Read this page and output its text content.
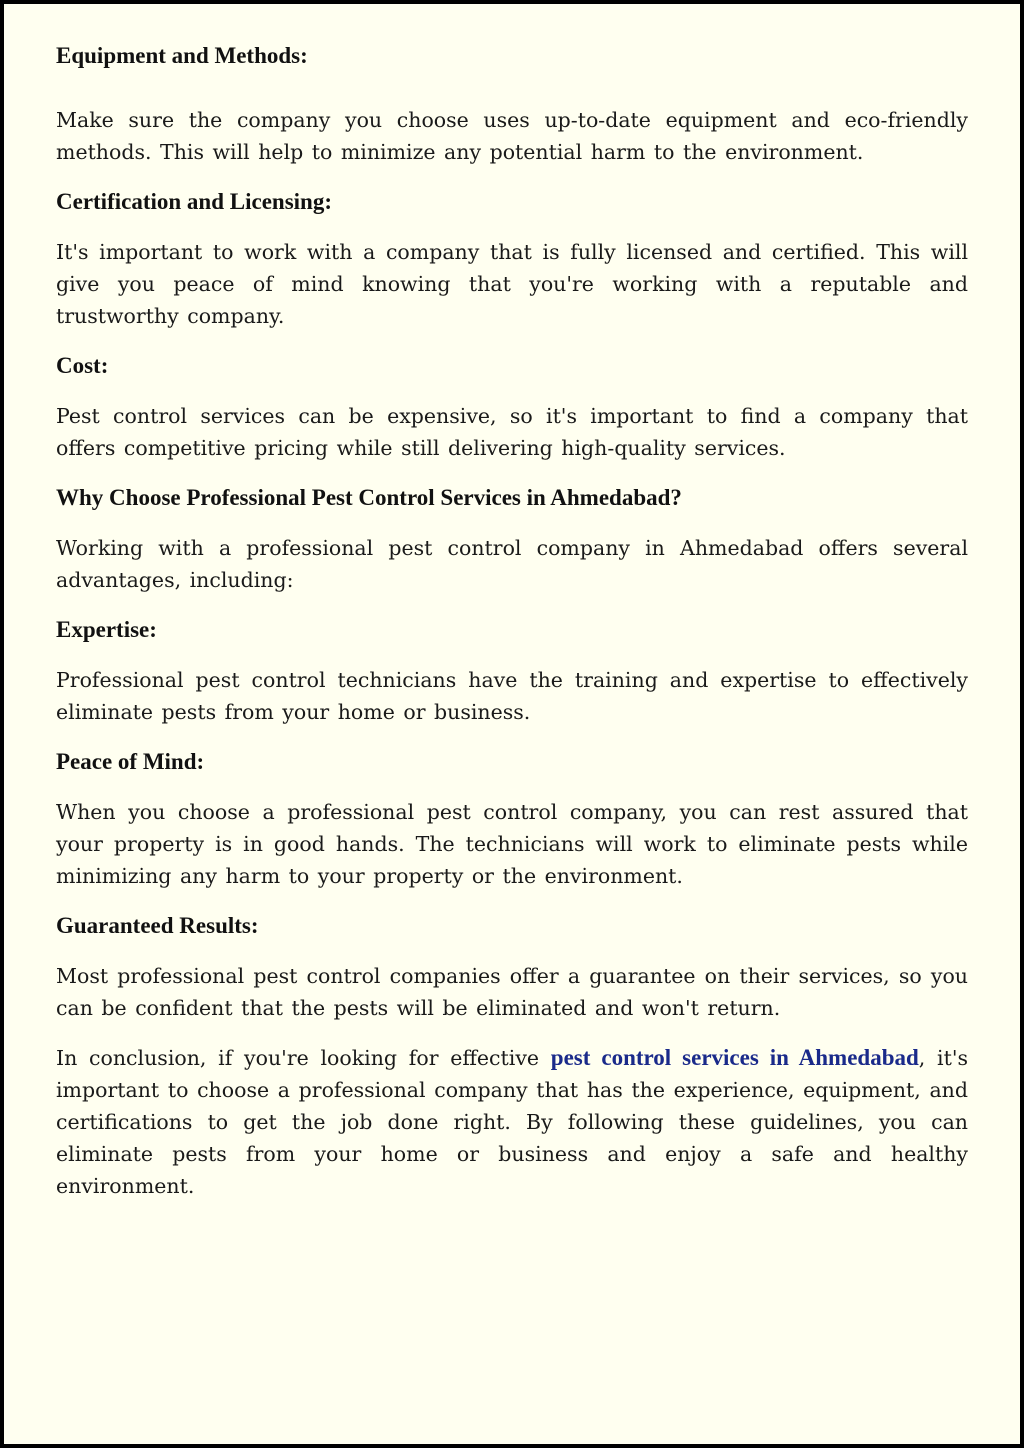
Equipment and Methods:

Make sure the company you choose uses up-to-date equipment and eco-friendly methods. This will help to minimize any potential harm to the environment.

Certification and Licensing:

It's important to work with a company that is fully licensed and certified. This will give you peace of mind knowing that you're working with a reputable and trustworthy company.

Cost:

Pest control services can be expensive, so it's important to find a company that offers competitive pricing while still delivering high-quality services.

Why Choose Professional Pest Control Services in Ahmedabad?

Working with a professional pest control company in Ahmedabad offers several advantages, including:

Expertise:

Professional pest control technicians have the training and expertise to effectively eliminate pests from your home or business.

Peace of Mind:

When you choose a professional pest control company, you can rest assured that your property is in good hands. The technicians will work to eliminate pests while minimizing any harm to your property or the environment.

Guaranteed Results:

Most professional pest control companies offer a guarantee on their services, so you can be confident that the pests will be eliminated and won't return.

In conclusion, if you're looking for effective pest control services in Ahmedabad, it's important to choose a professional company that has the experience, equipment, and certifications to get the job done right. By following these guidelines, you can eliminate pests from your home or business and enjoy a safe and healthy environment.
